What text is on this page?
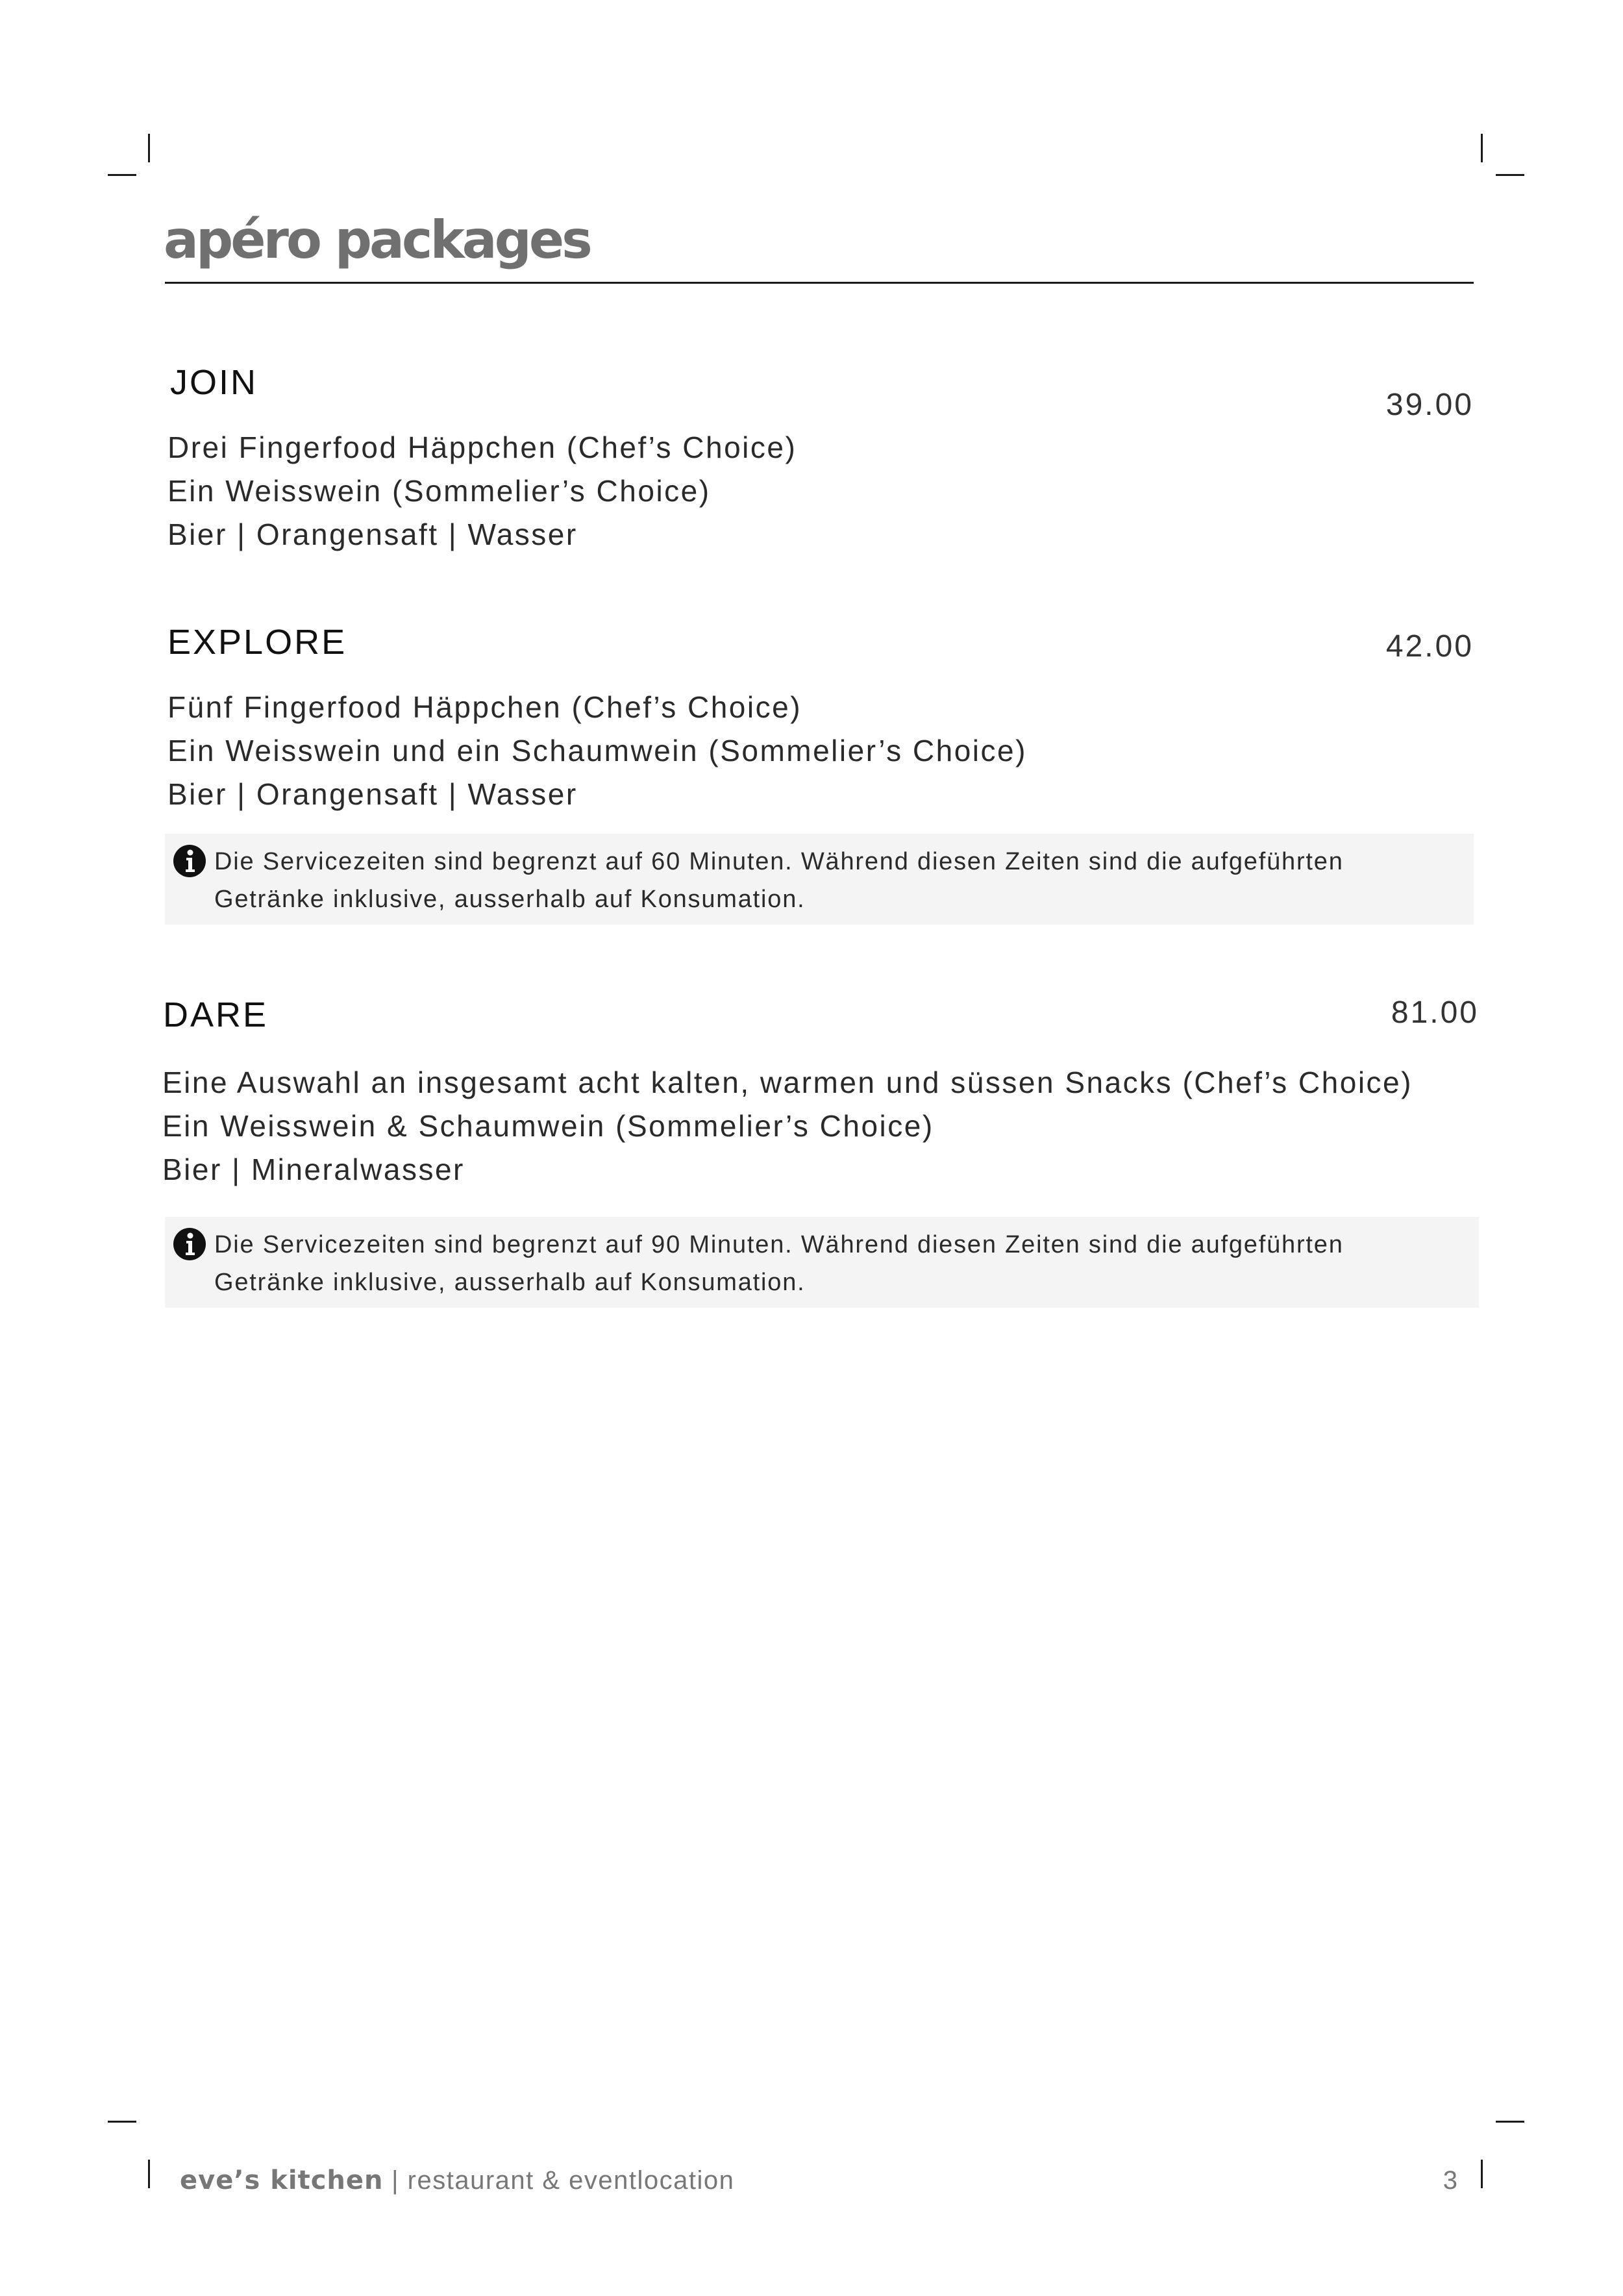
apéro packages
JOIN
39.00
Drei Fingerfood Häppchen (Chef’s Choice)
Ein Weisswein (Sommelier’s Choice)
Bier | Orangensaft | Wasser
EXPLORE	42.00
Fünf Fingerfood Häppchen (Chef’s Choice)
Ein Weisswein und ein Schaumwein (Sommelier’s Choice)
Bier | Orangensaft | Wasser
Die Servicezeiten sind begrenzt auf 60 Minuten. Während diesen Zeiten sind die aufgeführten
Getränke inklusive, ausserhalb auf Konsumation.
DARE	81.00
Eine Auswahl an insgesamt acht kalten, warmen und süssen Snacks (Chef’s Choice)
Ein Weisswein & Schaumwein (Sommelier’s Choice)
Bier | Mineralwasser
Die Servicezeiten sind begrenzt auf 90 Minuten. Während diesen Zeiten sind die aufgeführten
Getränke inklusive, ausserhalb auf Konsumation.
eve’s kitchen | restaurant & eventlocation	3
